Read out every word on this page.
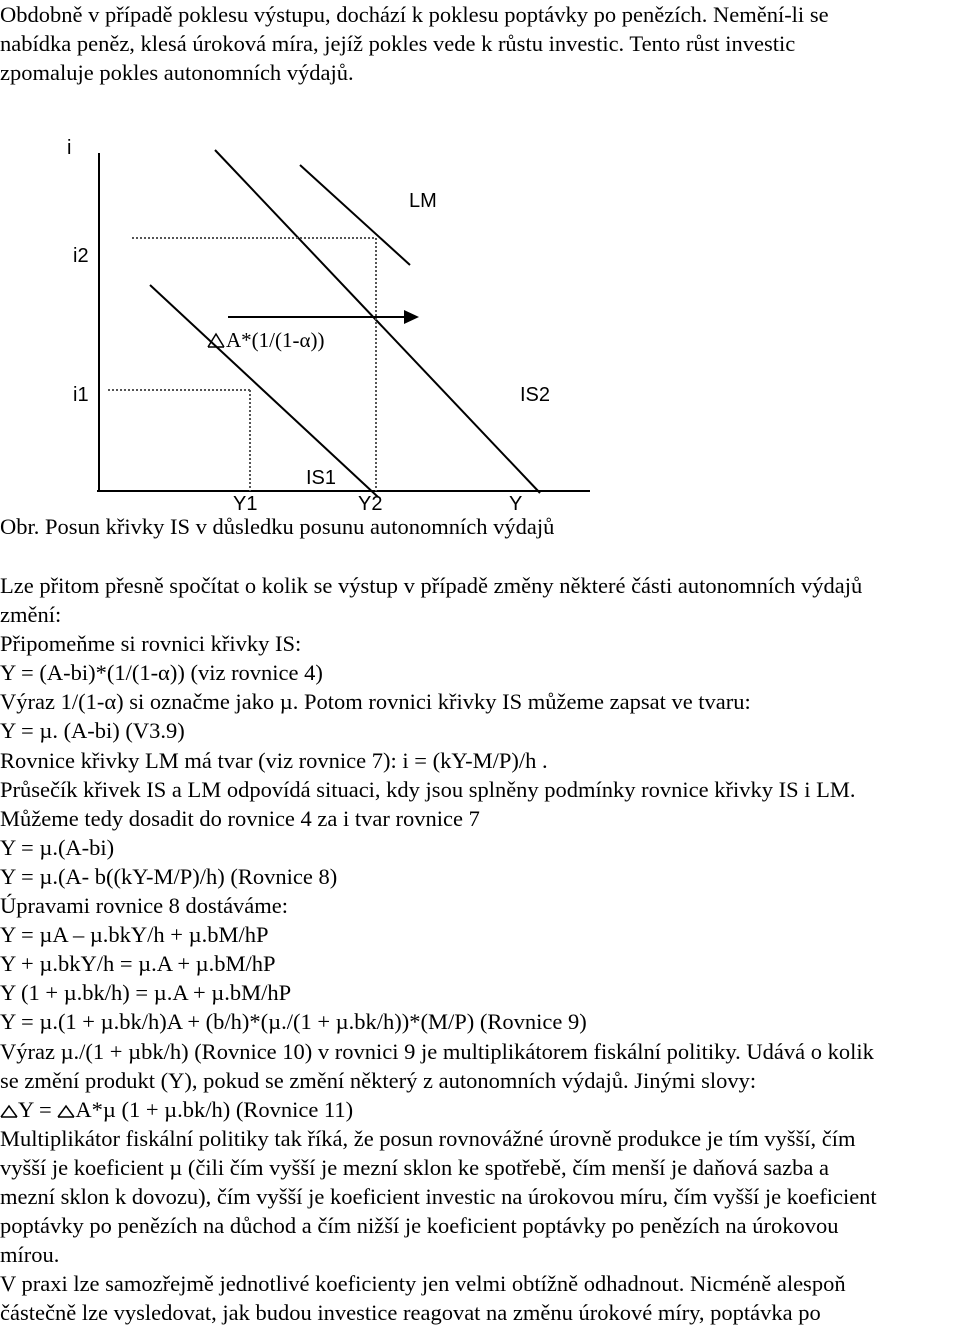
Obdobně v případě poklesu výstupu, dochází k poklesu poptávky po penězích. Nemění-li se

nabídka peněz, klesá úroková míra, jejíž pokles vede k růstu investic. Tento růst investic

zpomaluje pokles autonomních výdajů.

i
LM
i2
A*(1/(1-α))
i1	IS2
IS1
Y1	Y2	Y
Obr. Posun křivky IS v důsledku posunu autonomních výdajů

Lze přitom přesně spočítat o kolik se výstup v případě změny některé části autonomních výdajů

změní:

Připomeňme si rovnici křivky IS:

Y = (A-bi)*(1/(1-α)) (viz rovnice 4)

Výraz 1/(1-α) si označme jako µ. Potom rovnici křivky IS můžeme zapsat ve tvaru:

Y = µ. (A-bi) (V3.9)

Rovnice křivky LM má tvar (viz rovnice 7): i = (kY-M/P)/h .

Průsečík křivek IS a LM odpovídá situaci, kdy jsou splněny podmínky rovnice křivky IS i LM.

Můžeme tedy dosadit do rovnice 4 za i tvar rovnice 7

Y = µ.(A-bi)

Y = µ.(A- b((kY-M/P)/h) (Rovnice 8)

Úpravami rovnice 8 dostáváme:

Y = µA – µ.bkY/h + µ.bM/hP

Y + µ.bkY/h = µ.A + µ.bM/hP

Y (1 + µ.bk/h) = µ.A + µ.bM/hP

Y = µ.(1 + µ.bk/h)A + (b/h)*(µ./(1 + µ.bk/h))*(M/P) (Rovnice 9)

Výraz µ./(1 + µbk/h) (Rovnice 10) v rovnici 9 je multiplikátorem fiskální politiky. Udává o kolik

se změní produkt (Y), pokud se změní některý z autonomních výdajů. Jinými slovy:

Y =
A*µ (1 + µ.bk/h) (Rovnice 11)

Multiplikátor fiskální politiky tak říká, že posun rovnovážné úrovně produkce je tím vyšší, čím

vyšší je koeficient µ (čili čím vyšší je mezní sklon ke spotřebě, čím menší je daňová sazba a

mezní sklon k dovozu), čím vyšší je koeficient investic na úrokovou míru, čím vyšší je koeficient

poptávky po penězích na důchod a čím nižší je koeficient poptávky po penězích na úrokovou

mírou.

V praxi lze samozřejmě jednotlivé koeficienty jen velmi obtížně odhadnout. Nicméně alespoň

částečně lze vysledovat, jak budou investice reagovat na změnu úrokové míry, poptávka po
